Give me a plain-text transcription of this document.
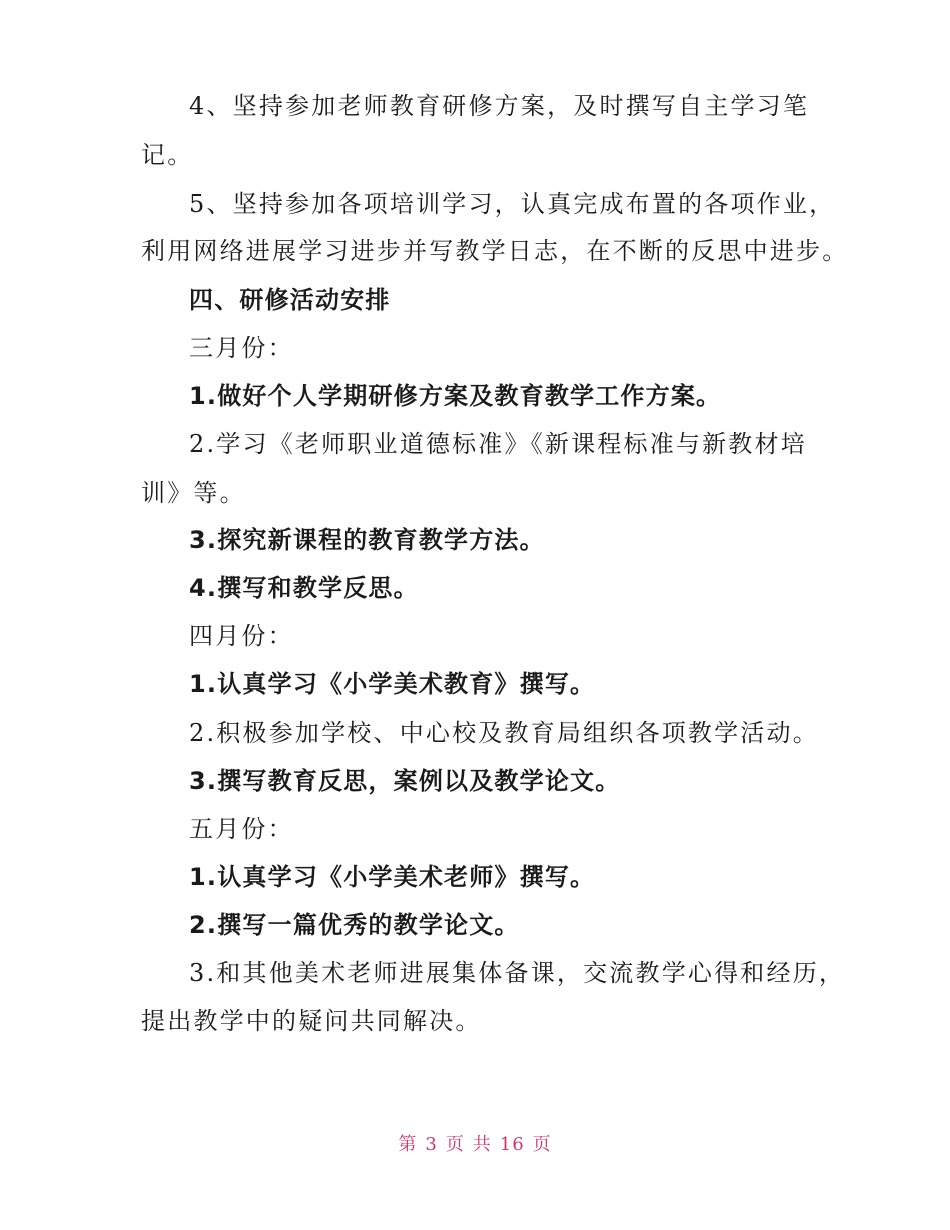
4、坚持参加老师教育研修方案，及时撰写自主学习笔
记。
5、坚持参加各项培训学习，认真完成布置的各项作业，
利用网络进展学习进步并写教学日志，在不断的反思中进步。
四、研修活动安排
三月份：
1.做好个人学期研修方案及教育教学工作方案。
2.学习《老师职业道德标准》《新课程标准与新教材培
训》等。
3.探究新课程的教育教学方法。
4.撰写和教学反思。
四月份：
1.认真学习《小学美术教育》撰写。
2.积极参加学校、中心校及教育局组织各项教学活动。
3.撰写教育反思，案例以及教学论文。
五月份：
1.认真学习《小学美术老师》撰写。
2.撰写一篇优秀的教学论文。
3.和其他美术老师进展集体备课，交流教学心得和经历，
提出教学中的疑问共同解决。
第 3 页 共 16 页
